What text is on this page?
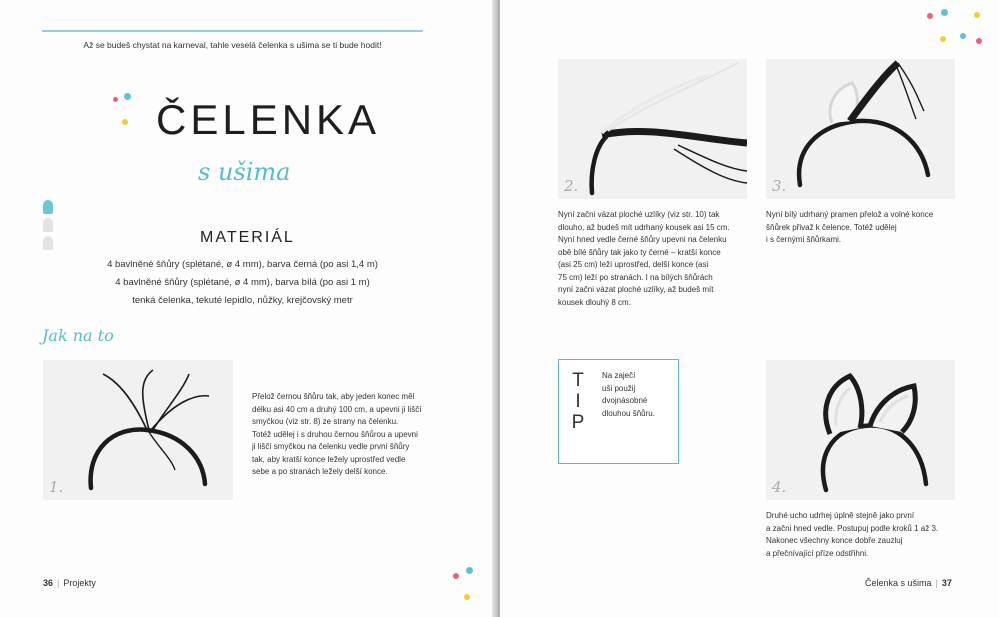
Až se budeš chystat na karneval, tahle veselá čelenka s ušima se ti bude hodit!
ČELENKA
s ušima
MATERIÁL
4 bavlněné šňůry (splétané, ø 4 mm), barva černá (po asi 1,4 m)
4 bavlněné šňůry (splétané, ø 4 mm), barva bílá (po asi 1 m)
tenká čelenka, tekuté lepidlo, nůžky, krejčovský metr
Jak na to
1.
Přelož černou šňůru tak, aby jeden konec měl
délku asi 40 cm a druhý 100 cm, a upevni ji liščí
smyčkou (viz str. 8) ze strany na čelenku.
Totéž udělej i s druhou černou šňůrou a upevni
ji liščí smyčkou na čelenku vedle první šňůry
tak, aby kratší konce ležely uprostřed vedle
sebe a po stranách ležely delší konce.
36 | Projekty
2.	3.
Nyní začni vázat ploché uzlíky (viz str. 10) tak
dlouho, až budeš mít udrhaný kousek asi 15 cm.
Nyní hned vedle černé šňůry upevni na čelenku
obě bílé šňůry tak jako ty černé – kratší konce
(asi 25 cm) leží uprostřed, delší konce (asi
75 cm) leží po stranách. I na bílých šňůrách
nyní začni vázat ploché uzlíky, až budeš mít
kousek dlouhý 8 cm.
Nyní bílý udrhaný pramen přelož a volné konce
šňůrek přivaž k čelence. Totéž udělej
i s černými šňůrkami.
T
I
P
Na zaječí
uši použij
dvojnásobné
dlouhou šňůru.
4.
Druhé ucho udrhej úplně stejně jako první
a začni hned vedle. Postupuj podle kroků 1 až 3.
Nakonec všechny konce dobře zauzluj
a přečnívající příze odstřihni.
Čelenka s ušima | 37
